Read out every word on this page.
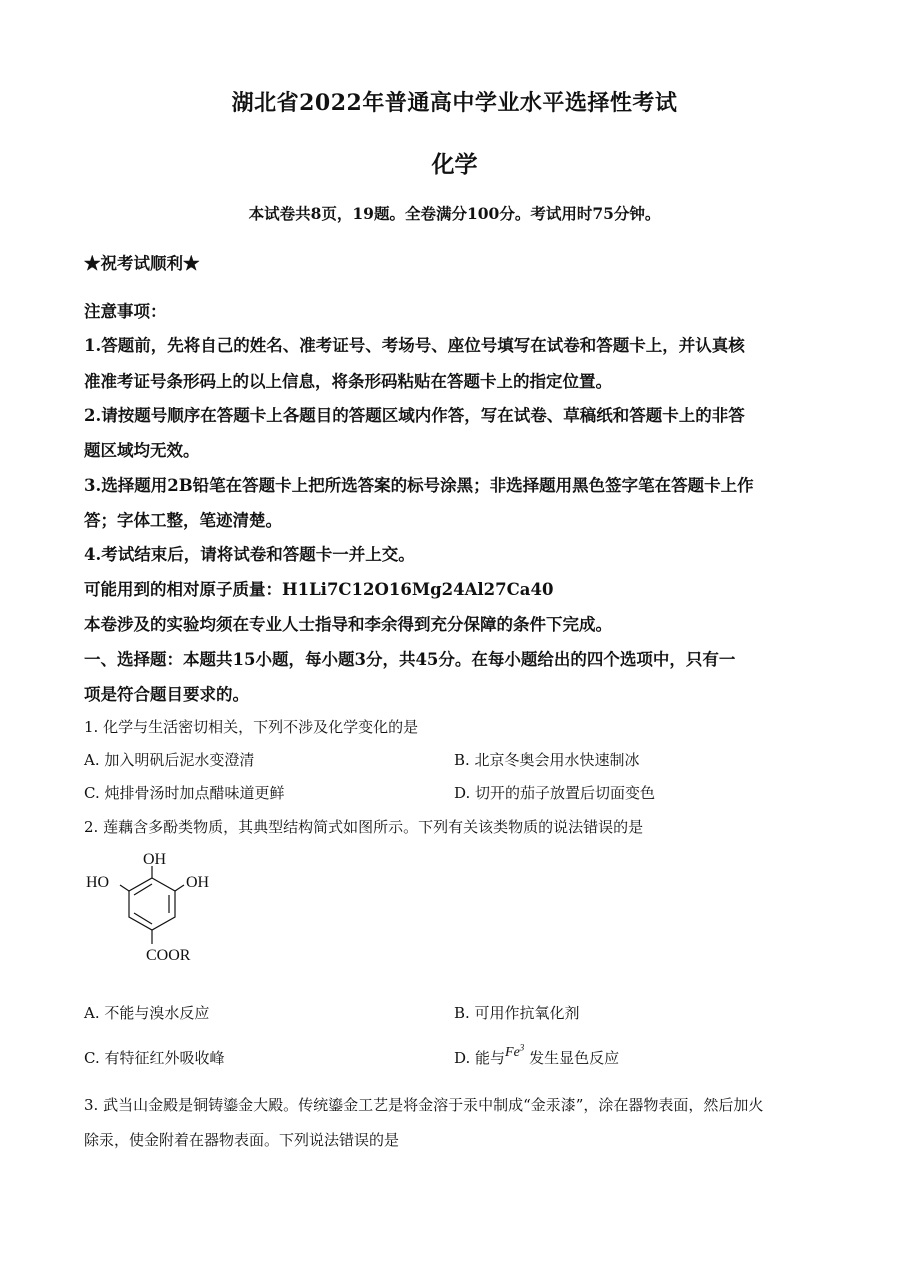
湖北省2022年普通高中学业水平选择性考试
化学
本试卷共8页，19题。全卷满分100分。考试用时75分钟。
★祝考试顺利★
注意事项：
1.答题前，先将自己的姓名、准考证号、考场号、座位号填写在试卷和答题卡上，并认真核
准准考证号条形码上的以上信息，将条形码粘贴在答题卡上的指定位置。
2.请按题号顺序在答题卡上各题目的答题区域内作答，写在试卷、草稿纸和答题卡上的非答
题区域均无效。
3.选择题用2B铅笔在答题卡上把所选答案的标号涂黑；非选择题用黑色签字笔在答题卡上作
答；字体工整，笔迹清楚。
4.考试结束后，请将试卷和答题卡一并上交。
可能用到的相对原子质量：H1Li7C12O16Mg24Al27Ca40
本卷涉及的实验均须在专业人士指导和李余得到充分保障的条件下完成。
一、选择题：本题共15小题，每小题3分，共45分。在每小题给出的四个选项中，只有一
项是符合题目要求的。
1. 化学与生活密切相关，下列不涉及化学变化的是
A. 加入明矾后泥水变澄清	B. 北京冬奥会用水快速制冰
C. 炖排骨汤时加点醋味道更鲜	D. 切开的茄子放置后切面变色
2. 莲藕含多酚类物质，其典型结构简式如图所示。下列有关该类物质的说法错误的是
OH
HO	OH
COOR
A. 不能与溴水反应	B. 可用作抗氧化剂
C. 有特征红外吸收峰	D. 能与Fe$^3$ 发生显色反应
3. 武当山金殿是铜铸鎏金大殿。传统鎏金工艺是将金溶于汞中制成“金汞漆”，涂在器物表面，然后加火
除汞，使金附着在器物表面。下列说法错误的是
